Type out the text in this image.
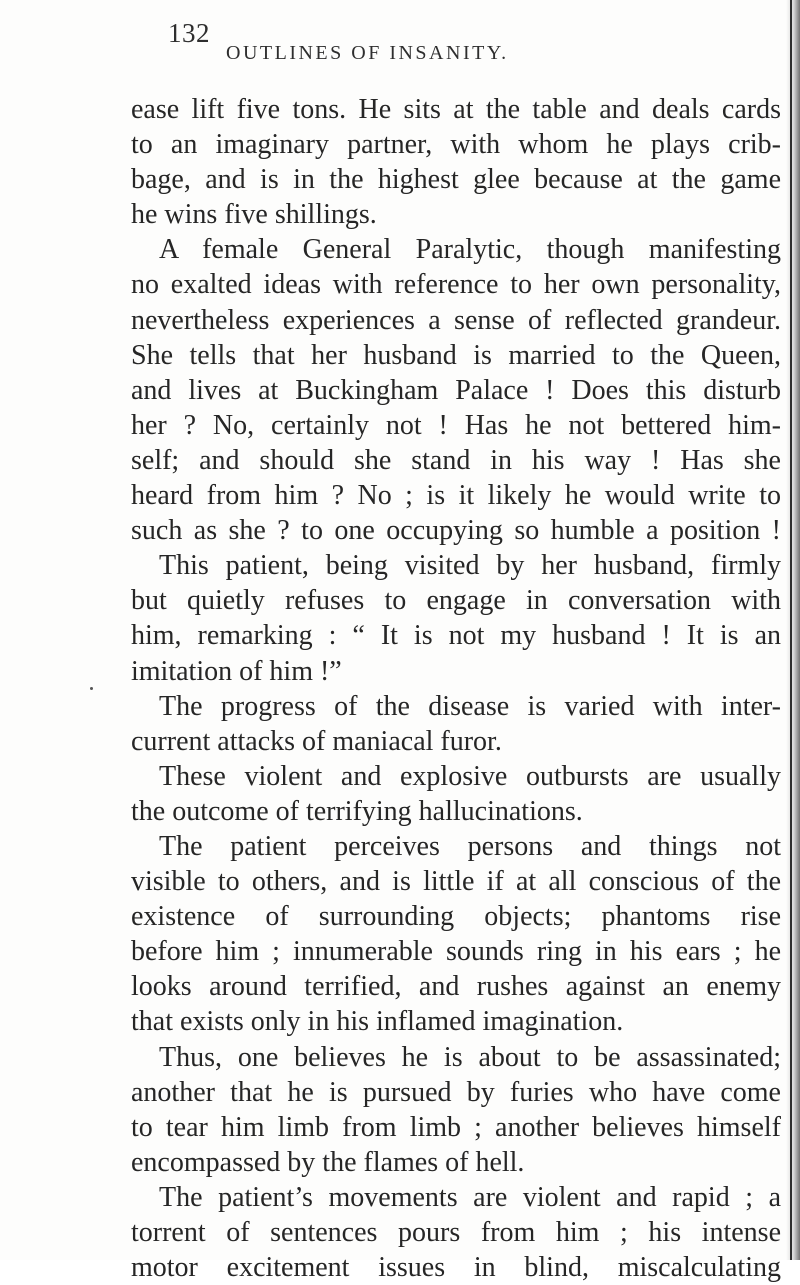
132
OUTLINES OF INSANITY.
ease lift five tons. He sits at the table and deals cards
to an imaginary partner, with whom he plays crib-
bage, and is in the highest glee because at the game
he wins five shillings.
A female General Paralytic, though manifesting
no exalted ideas with reference to her own personality,
nevertheless experiences a sense of reflected grandeur.
She tells that her husband is married to the Queen,
and lives at Buckingham Palace ! Does this disturb
her ? No, certainly not ! Has he not bettered him-
self; and should she stand in his way ! Has she
heard from him ? No ; is it likely he would write to
such as she ? to one occupying so humble a position !
This patient, being visited by her husband, firmly
but quietly refuses to engage in conversation with
him, remarking : “ It is not my husband ! It is an
imitation of him !”
The progress of the disease is varied with inter-
current attacks of maniacal furor.
These violent and explosive outbursts are usually
the outcome of terrifying hallucinations.
The patient perceives persons and things not
visible to others, and is little if at all conscious of the
existence of surrounding objects; phantoms rise
before him ; innumerable sounds ring in his ears ; he
looks around terrified, and rushes against an enemy
that exists only in his inflamed imagination.
Thus, one believes he is about to be assassinated;
another that he is pursued by furies who have come
to tear him limb from limb ; another believes himself
encompassed by the flames of hell.
The patient’s movements are violent and rapid ; a
torrent of sentences pours from him ; his intense
motor excitement issues in blind, miscalculating
